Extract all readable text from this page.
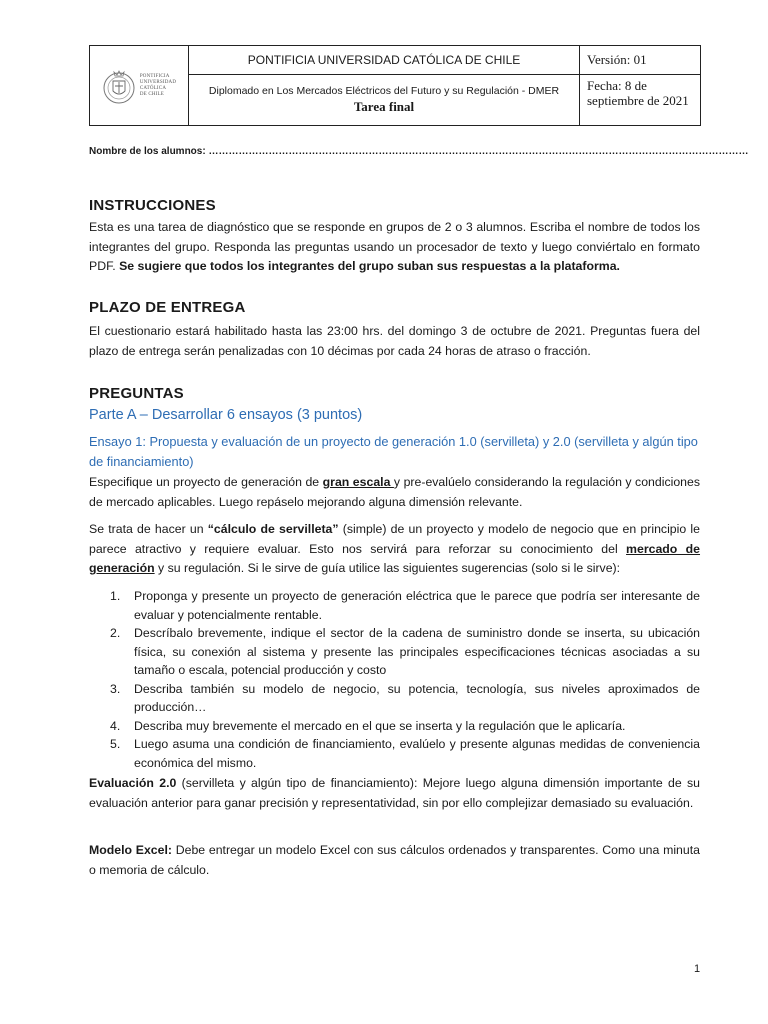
PONTIFICIA
UNIVERSIDAD
CATÓLICA
DE CHILE
PONTIFICIA UNIVERSIDAD CATÓLICA DE CHILE
Diplomado en Los Mercados Eléctricos del Futuro y su Regulación - DMER
Tarea final
Versión: 01
Fecha: 8 de septiembre de 2021
Nombre de los alumnos: ………………………………………………………………………………………………………………………………………………
INSTRUCCIONES
Esta es una tarea de diagnóstico que se responde en grupos de 2 o 3 alumnos. Escriba el nombre de todos los integrantes del grupo. Responda las preguntas usando un procesador de texto y luego conviértalo en formato PDF. Se sugiere que todos los integrantes del grupo suban sus respuestas a la plataforma.
PLAZO DE ENTREGA
El cuestionario estará habilitado hasta las 23:00 hrs. del domingo 3 de octubre de 2021. Preguntas fuera del plazo de entrega serán penalizadas con 10 décimas por cada 24 horas de atraso o fracción.
PREGUNTAS
Parte A – Desarrollar 6 ensayos (3 puntos)
Ensayo 1: Propuesta y evaluación de un proyecto de generación 1.0 (servilleta) y 2.0 (servilleta y algún tipo de financiamiento)
Especifique un proyecto de generación de gran escala y pre-evalúelo considerando la regulación y condiciones de mercado aplicables. Luego repáselo mejorando alguna dimensión relevante.
Se trata de hacer un “cálculo de servilleta” (simple) de un proyecto y modelo de negocio que en principio le parece atractivo y requiere evaluar. Esto nos servirá para reforzar su conocimiento del mercado de generación y su regulación. Si le sirve de guía utilice las siguientes sugerencias (solo si le sirve):
1. Proponga y presente un proyecto de generación eléctrica que le parece que podría ser interesante de evaluar y potencialmente rentable.
2. Descríbalo brevemente, indique el sector de la cadena de suministro donde se inserta, su ubicación física, su conexión al sistema y presente las principales especificaciones técnicas asociadas a su tamaño o escala, potencial producción y costo
3. Describa también su modelo de negocio, su potencia, tecnología, sus niveles aproximados de producción…
4. Describa muy brevemente el mercado en el que se inserta y la regulación que le aplicaría.
5. Luego asuma una condición de financiamiento, evalúelo y presente algunas medidas de conveniencia económica del mismo.
Evaluación 2.0 (servilleta y algún tipo de financiamiento): Mejore luego alguna dimensión importante de su evaluación anterior para ganar precisión y representatividad, sin por ello complejizar demasiado su evaluación.
Modelo Excel: Debe entregar un modelo Excel con sus cálculos ordenados y transparentes. Como una minuta o memoria de cálculo.
1
